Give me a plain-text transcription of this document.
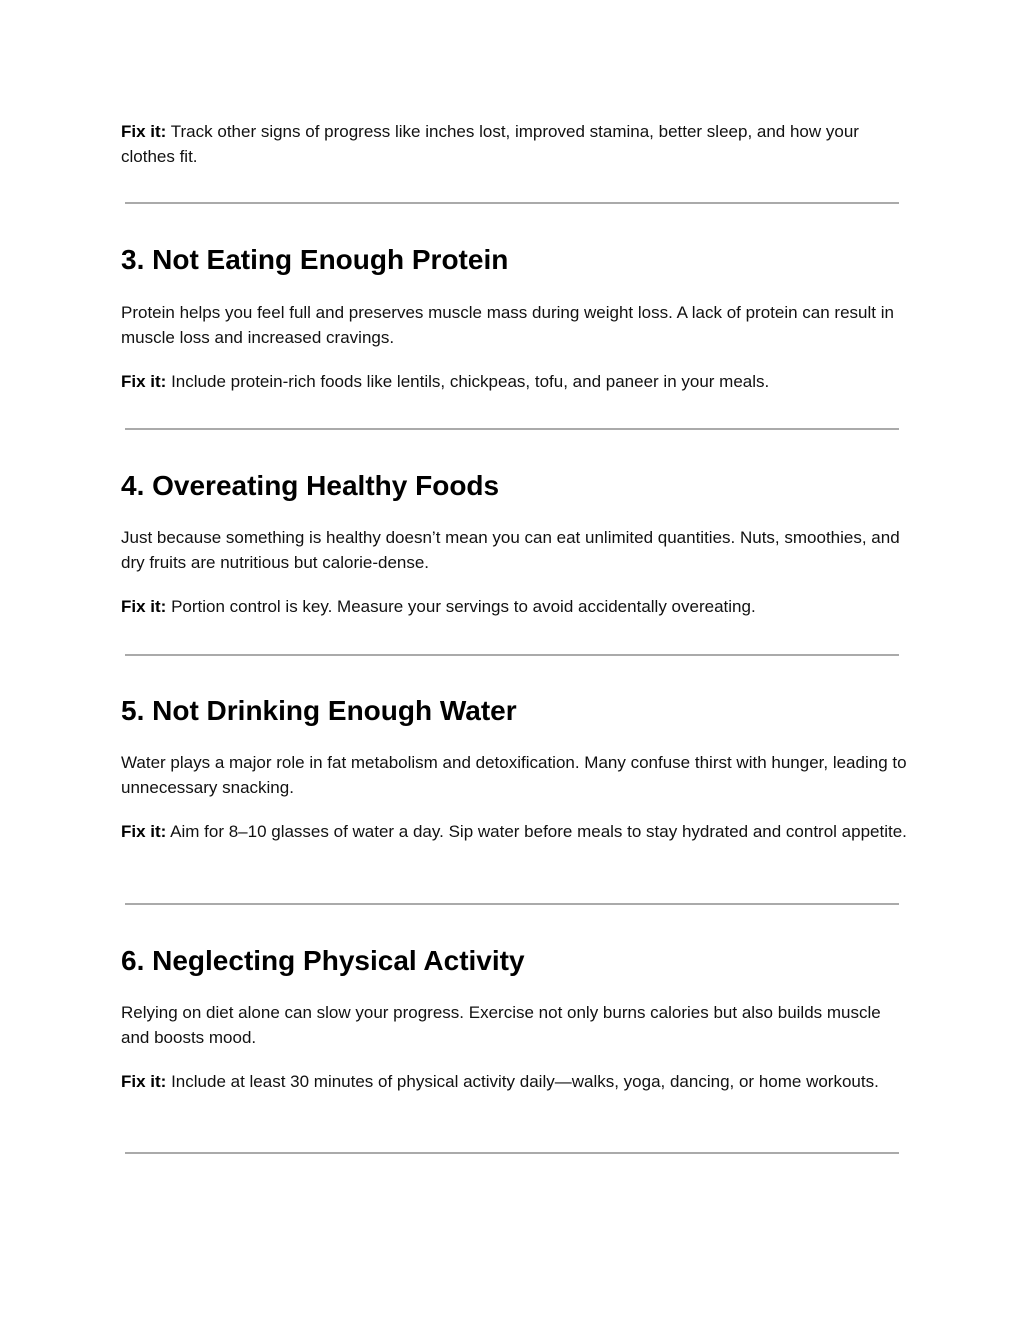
Fix it: Track other signs of progress like inches lost, improved stamina, better sleep, and how your clothes fit.

3. Not Eating Enough Protein

Protein helps you feel full and preserves muscle mass during weight loss. A lack of protein can result in muscle loss and increased cravings.

Fix it: Include protein-rich foods like lentils, chickpeas, tofu, and paneer in your meals.

4. Overeating Healthy Foods

Just because something is healthy doesn’t mean you can eat unlimited quantities. Nuts, smoothies, and dry fruits are nutritious but calorie-dense.

Fix it: Portion control is key. Measure your servings to avoid accidentally overeating.

5. Not Drinking Enough Water

Water plays a major role in fat metabolism and detoxification. Many confuse thirst with hunger, leading to unnecessary snacking.

Fix it: Aim for 8–10 glasses of water a day. Sip water before meals to stay hydrated and control appetite.

6. Neglecting Physical Activity

Relying on diet alone can slow your progress. Exercise not only burns calories but also builds muscle and boosts mood.

Fix it: Include at least 30 minutes of physical activity daily—walks, yoga, dancing, or home workouts.
